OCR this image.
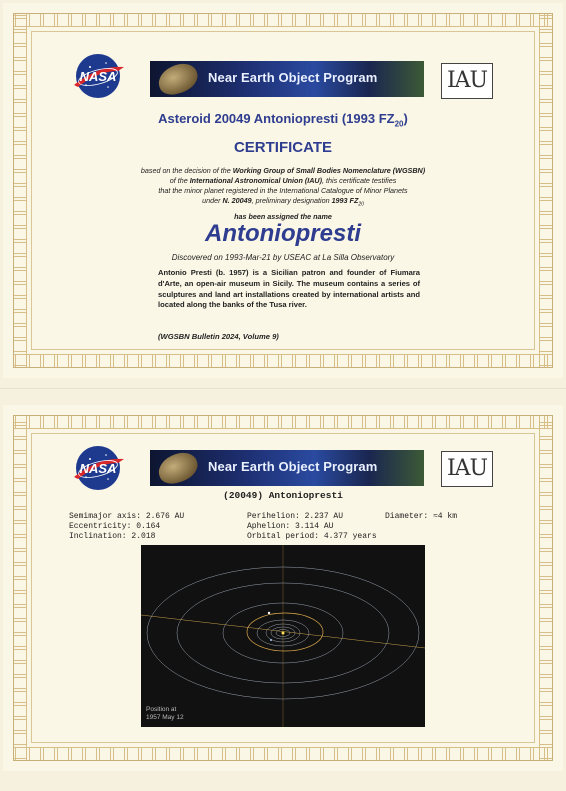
NASA	Near Earth Object Program	IAU
Asteroid 20049 Antoniopresti (1993 $FZ_{20}$)
CERTIFICATE
based on the decision of the Working Group of Small Bodies Nomenclature (WGSBN)
of the International Astronomical Union (IAU), this certificate testifies
that the minor planet registered in the International Catalogue of Minor Planets
under N. 20049, preliminary designation 1993 $FZ_{20}$
has been assigned the name
Antoniopresti
Discovered on 1993-Mar-21 by USEAC at La Silla Observatory
Antonio Presti (b. 1957) is a Sicilian patron and founder of Fiumara d'Arte, an open-air museum in Sicily. The museum contains a series of sculptures and land art installations created by international artists and located along the banks of the Tusa river.
(WGSBN Bulletin 2024, Volume 9)
NASA	Near Earth Object Program	IAU
(20049) Antoniopresti
Semimajor axis: 2.676 AU
Eccentricity: 0.164
Inclination: 2.018
Perihelion: 2.237 AU
Aphelion: 3.114 AU
Orbital period: 4.377 years
Diameter: ≈4 km
Position at
1957 May 12
